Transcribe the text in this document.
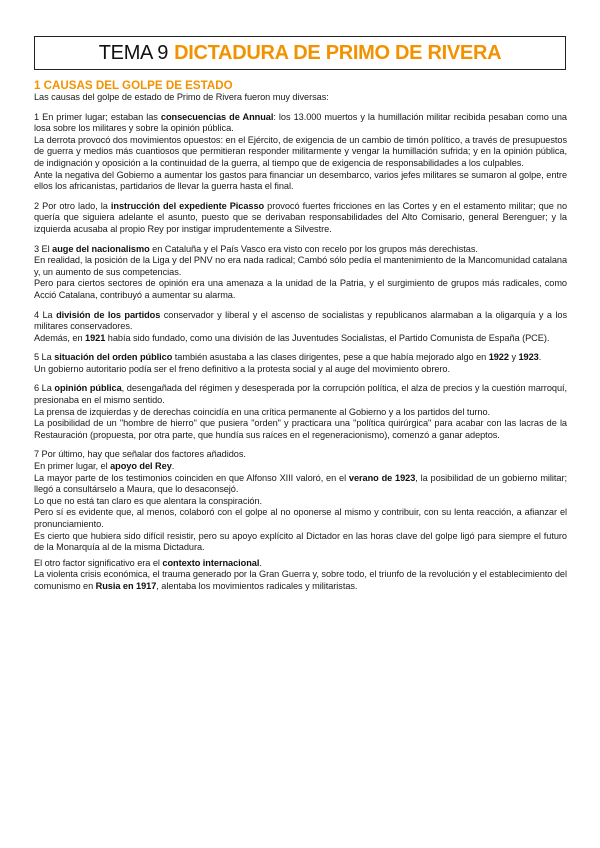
TEMA 9 DICTADURA DE PRIMO DE RIVERA

1 CAUSAS DEL GOLPE DE ESTADO

Las causas del golpe de estado de Primo de Rivera fueron muy diversas:

1 En primer lugar; estaban las consecuencias de Annual: los 13.000 muertos y la humillación militar recibida pesaban como una losa sobre los militares y sobre la opinión pública.

La derrota provocó dos movimientos opuestos: en el Ejército, de exigencia de un cambio de timón político, a través de presupuestos de guerra y medios más cuantiosos que permitieran responder militarmente y vengar la humillación sufrida; y en la opinión pública, de indignación y oposición a la continuidad de la guerra, al tiempo que de exigencia de responsabilidades a los culpables.

Ante la negativa del Gobierno a aumentar los gastos para financiar un desembarco, varios jefes militares se sumaron al golpe, entre ellos los africanistas, partidarios de llevar la guerra hasta el final.

2 Por otro lado, la instrucción del expediente Picasso provocó fuertes fricciones en las Cortes y en el estamento militar; que no quería que siguiera adelante el asunto, puesto que se derivaban responsabilidades del Alto Comisario, general Berenguer; y la izquierda acusaba al propio Rey por instigar imprudentemente a Silvestre.

3 El auge del nacionalismo en Cataluña y el País Vasco era visto con recelo por los grupos más derechistas.

En realidad, la posición de la Liga y del PNV no era nada radical; Cambó sólo pedía el mantenimiento de la Mancomunidad catalana y, un aumento de sus competencias.

Pero para ciertos sectores de opinión era una amenaza a la unidad de la Patria, y el surgimiento de grupos más radicales, como Acció Catalana, contribuyó a aumentar su alarma.

4 La división de los partidos conservador y liberal y el ascenso de socialistas y republicanos alarmaban a la oligarquía y a los militares conservadores.

Además, en 1921 había sido fundado, como una división de las Juventudes Socialistas, el Partido Comunista de España (PCE).

5 La situación del orden público también asustaba a las clases dirigentes, pese a que había mejorado algo en 1922 y 1923.

Un gobierno autoritario podía ser el freno definitivo a la protesta social y al auge del movimiento obrero.

6 La opinión pública, desengañada del régimen y desesperada por la corrupción política, el alza de precios y la cuestión marroquí, presionaba en el mismo sentido.

La prensa de izquierdas y de derechas coincidía en una crítica permanente al Gobierno y a los partidos del turno.

La posibilidad de un "hombre de hierro" que pusiera "orden" y practicara una "política quirúrgica" para acabar con las lacras de la Restauración (propuesta, por otra parte, que hundía sus raíces en el regeneracionismo), comenzó a ganar adeptos.

7 Por último, hay que señalar dos factores añadidos.

En primer lugar, el apoyo del Rey.

La mayor parte de los testimonios coinciden en que Alfonso XIII valoró, en el verano de 1923, la posibilidad de un gobierno militar; llegó a consultárselo a Maura, que lo desaconsejó.

Lo que no está tan claro es que alentara la conspiración.

Pero sí es evidente que, al menos, colaboró con el golpe al no oponerse al mismo y contribuir, con su lenta reacción, a afianzar el pronunciamiento.

Es cierto que hubiera sido difícil resistir, pero su apoyo explícito al Dictador en las horas clave del golpe ligó para siempre el futuro de la Monarquía al de la misma Dictadura.

El otro factor significativo era el contexto internacional.

La violenta crisis económica, el trauma generado por la Gran Guerra y, sobre todo, el triunfo de la revolución y el establecimiento del comunismo en Rusia en 1917, alentaba los movimientos radicales y militaristas.
